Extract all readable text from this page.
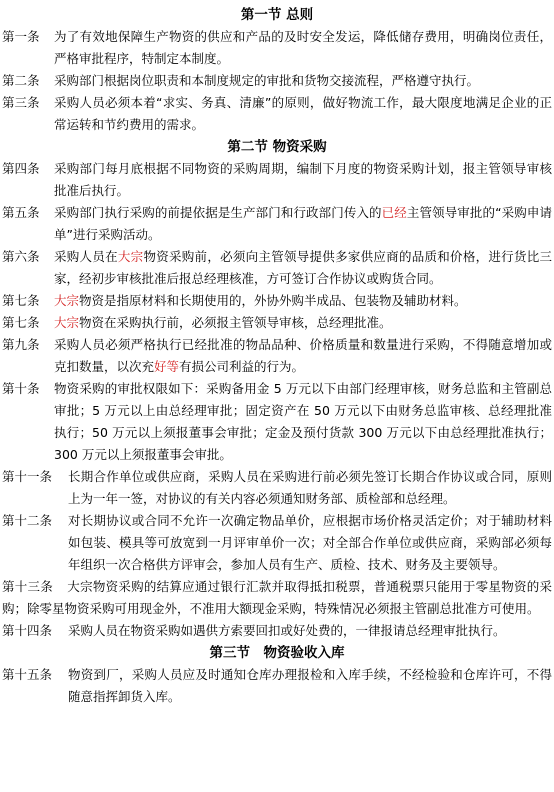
第一节 总则
第一条	为了有效地保障生产物资的供应和产品的及时安全发运，降低储存费用，明确岗位责任，严格审批程序，特制定本制度。
第二条	采购部门根据岗位职责和本制度规定的审批和货物交接流程，严格遵守执行。
第三条	采购人员必须本着“求实、务真、清廉”的原则，做好物流工作，最大限度地满足企业的正常运转和节约费用的需求。
第二节 物资采购
第四条	采购部门每月底根据不同物资的采购周期，编制下月度的物资采购计划，报主管领导审核批准后执行。
第五条	采购部门执行采购的前提依据是生产部门和行政部门传入的已经主管领导审批的“采购申请单”进行采购活动。
第六条	采购人员在大宗物资采购前，必须向主管领导提供多家供应商的品质和价格，进行货比三家，经初步审核批准后报总经理核准，方可签订合作协议或购货合同。
第七条	大宗物资是指原材料和长期使用的，外协外购半成品、包装物及辅助材料。
第七条	大宗物资在采购执行前，必须报主管领导审核，总经理批准。
第九条	采购人员必须严格执行已经批准的物品品种、价格质量和数量进行采购，不得随意增加或克扣数量，以次充好等有损公司利益的行为。
第十条	物资采购的审批权限如下：采购备用金 5 万元以下由部门经理审核，财务总监和主管副总审批；5 万元以上由总经理审批；固定资产在 50 万元以下由财务总监审核、总经理批准执行；50 万元以上须报董事会审批；定金及预付货款 300 万元以下由总经理批准执行；300 万元以上须报董事会审批。
第十一条	长期合作单位或供应商，采购人员在采购进行前必须先签订长期合作协议或合同，原则上为一年一签，对协议的有关内容必须通知财务部、质检部和总经理。
第十二条	对长期协议或合同不允许一次确定物品单价，应根据市场价格灵活定价；对于辅助材料如包装、模具等可放宽到一月评审单价一次；对全部合作单位或供应商，采购部必须每年组织一次合格供方评审会，参加人员有生产、质检、技术、财务及主要领导。
第十三条 大宗物资采购的结算应通过银行汇款并取得抵扣税票，普通税票只能用于零星物资的采购；除零星物资采购可用现金外，不准用大额现金采购，特殊情况必须报主管副总批准方可使用。
第十四条	采购人员在物资采购如遇供方索要回扣或好处费的，一律报请总经理审批执行。
第三节　物资验收入库
第十五条	物资到厂，采购人员应及时通知仓库办理报检和入库手续，不经检验和仓库许可，不得随意指挥卸货入库。
